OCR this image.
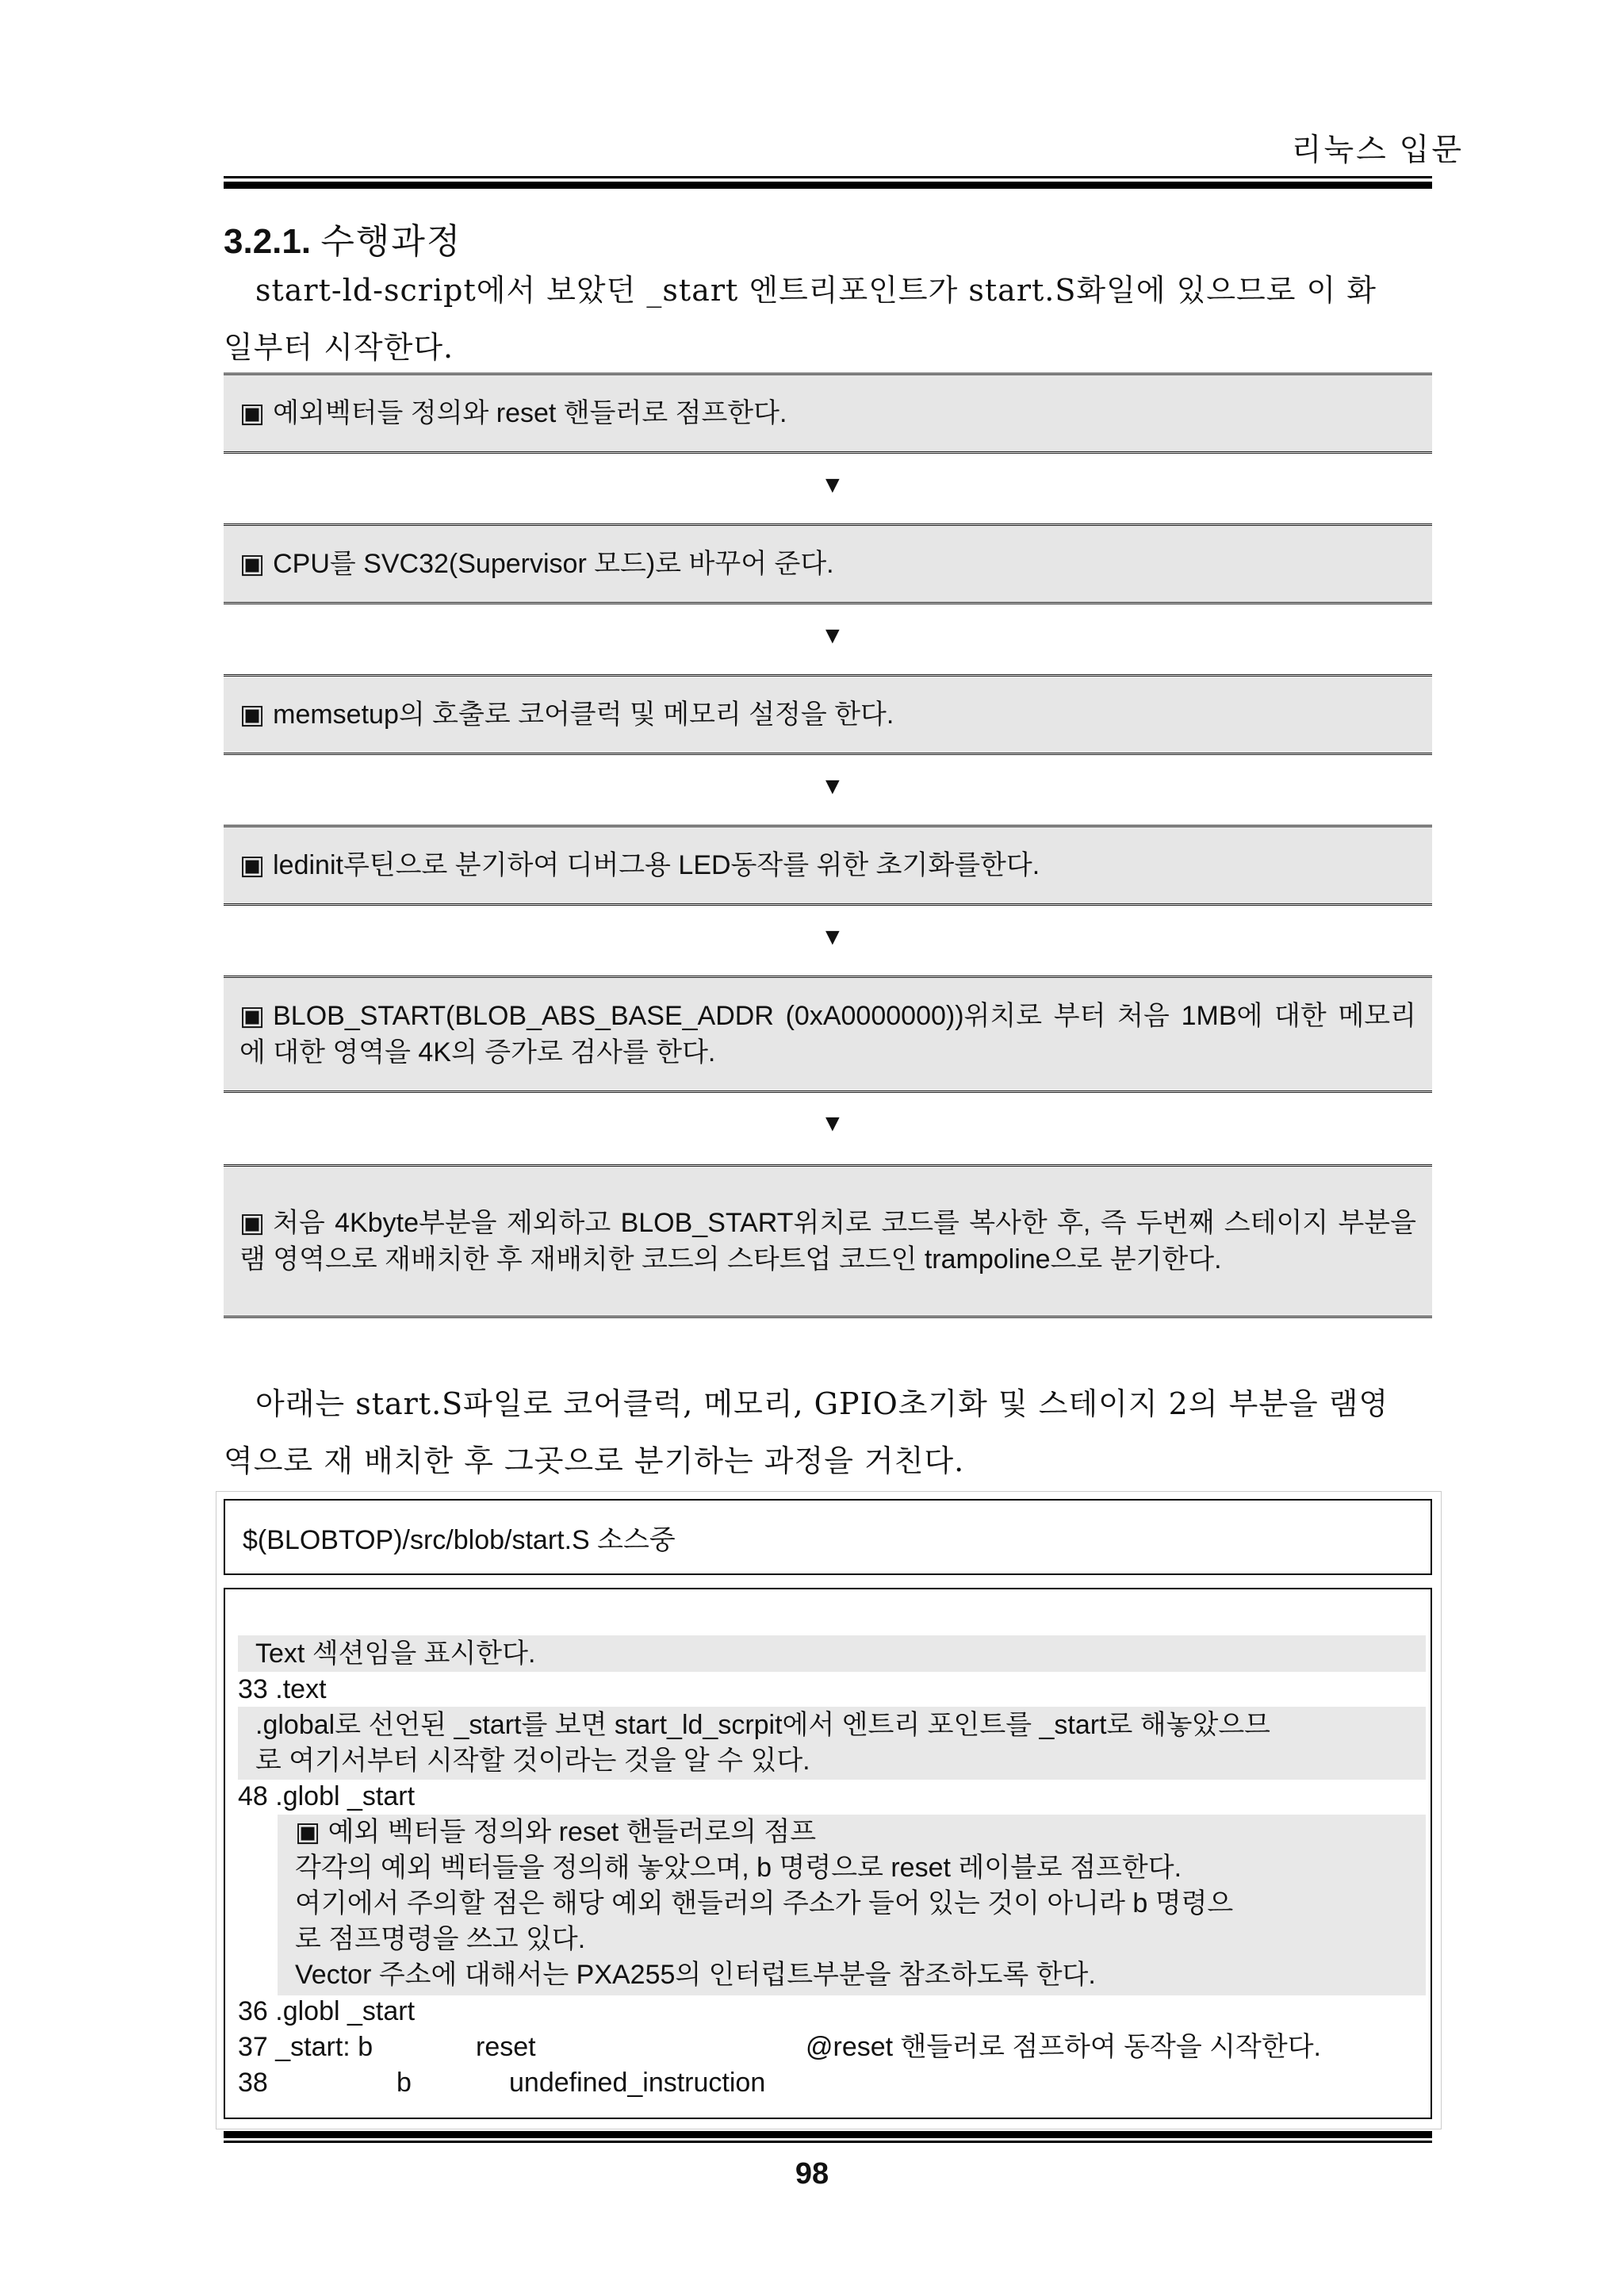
리눅스 입문
3.2.1. 수행과정

start-ld-script에서 보았던 _start 엔트리포인트가 start.S화일에 있으므로 이 화

일부터 시작한다.

▣ 예외벡터들 정의와 reset 핸들러로 점프한다.
▼
▣ CPU를 SVC32(Supervisor 모드)로 바꾸어 준다.
▼
▣ memsetup의 호출로 코어클럭 및 메모리 설정을 한다.
▼
▣ ledinit루틴으로 분기하여 디버그용 LED동작를 위한 초기화를한다.
▼
▣ BLOB_START(BLOB_ABS_BASE_ADDR (0xA0000000))위치로 부터 처음 1MB에 대한 메모리에 대한 영역을 4K의 증가로 검사를 한다.
▼
▣ 처음 4Kbyte부분을 제외하고 BLOB_START위치로 코드를 복사한 후, 즉 두번째 스테이지 부분을 램 영역으로 재배치한 후 재배치한 코드의 스타트업 코드인 trampoline으로 분기한다.

아래는 start.S파일로 코어클럭, 메모리, GPIO초기화 및 스테이지 2의 부분을 램영

역으로 재 배치한 후 그곳으로 분기하는 과정을 거친다.

$(BLOBTOP)/src/blob/start.S 소스중
Text 섹션임을 표시한다.
33 .text
.global로 선언된 _start를 보면 start_ld_scrpit에서 엔트리 포인트를 _start로 해놓았으므
로 여기서부터 시작할 것이라는 것을 알 수 있다.
48 .globl _start
▣ 예외 벡터들 정의와 reset 핸들러로의 점프
각각의 예외 벡터들을 정의해 놓았으며, b 명령으로 reset 레이블로 점프한다.
여기에서 주의할 점은 해당 예외 핸들러의 주소가 들어 있는 것이 아니라 b 명령으
로 점프명령을 쓰고 있다.
Vector 주소에 대해서는 PXA255의 인터럽트부분을 참조하도록 한다.
36 .globl _start
37 _start: b	reset	@reset 핸들러로 점프하여 동작을 시작한다.
38	b	undefined_instruction
98
